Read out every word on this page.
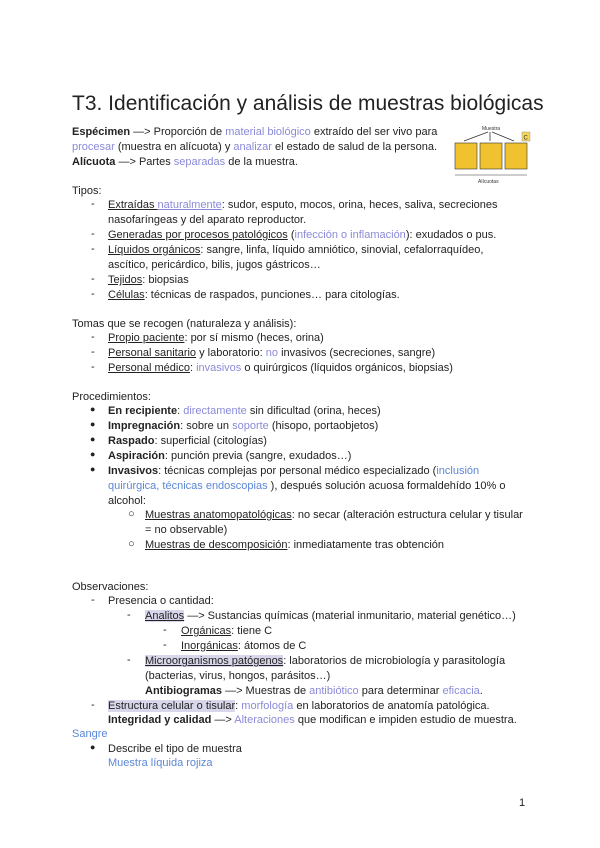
T3. Identificación y análisis de muestras biológicas
Muestra
C
Alícuotas
Espécimen —> Proporción de material biológico extraído del ser vivo para
procesar (muestra en alícuota) y analizar el estado de salud de la persona.
Alícuota —> Partes separadas de la muestra.
Tipos:
- Extraídas naturalmente: sudor, esputo, mocos, orina, heces, saliva, secreciones
nasofaríngeas y del aparato reproductor.
- Generadas por procesos patológicos (infección o inflamación): exudados o pus.
- Líquidos orgánicos: sangre, linfa, líquido amniótico, sinovial, cefalorraquídeo,
ascítico, pericárdico, bilis, jugos gástricos…
- Tejidos: biopsias
- Células: técnicas de raspados, punciones… para citologías.
Tomas que se recogen (naturaleza y análisis):
- Propio paciente: por sí mismo (heces, orina)
- Personal sanitario y laboratorio: no invasivos (secreciones, sangre)
- Personal médico: invasivos o quirúrgicos (líquidos orgánicos, biopsias)
Procedimientos:
● En recipiente: directamente sin dificultad (orina, heces)
● Impregnación: sobre un soporte (hisopo, portaobjetos)
● Raspado: superficial (citologías)
● Aspiración: punción previa (sangre, exudados…)
● Invasivos: técnicas complejas por personal médico especializado (inclusión
quirúrgica, técnicas endoscopias ), después solución acuosa formaldehído 10% o
alcohol:
○ Muestras anatomopatológicas: no secar (alteración estructura celular y tisular
= no observable)
○ Muestras de descomposición: inmediatamente tras obtención
Observaciones:
- Presencia o cantidad:
- Analitos —> Sustancias químicas (material inmunitario, material genético…)
- Orgánicas: tiene C
- Inorgánicas: átomos de C
- Microorganismos patógenos: laboratorios de microbiología y parasitología
(bacterias, virus, hongos, parásitos…)
Antibiogramas —> Muestras de antibiótico para determinar eficacia.
- Estructura celular o tisular: morfología en laboratorios de anatomía patológica.
Integridad y calidad —> Alteraciones que modifican e impiden estudio de muestra.
Sangre
● Describe el tipo de muestra
Muestra líquida rojiza
1
